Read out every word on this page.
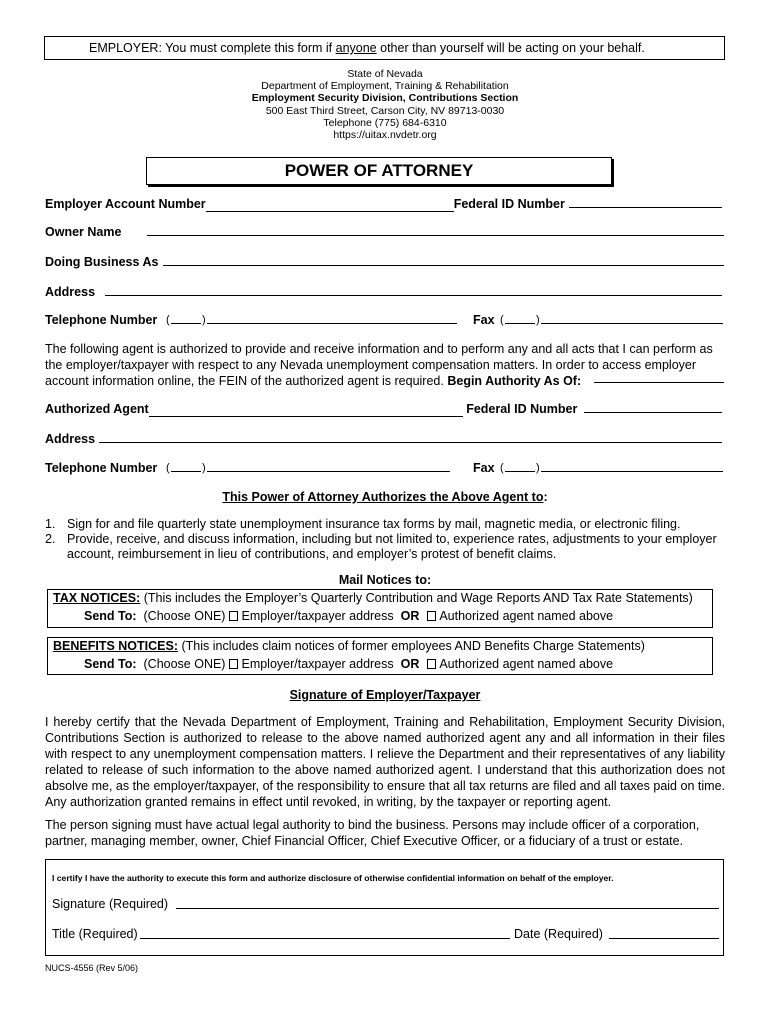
EMPLOYER: You must complete this form if anyone other than yourself will be acting on your behalf.
State of Nevada
Department of Employment, Training & Rehabilitation
Employment Security Division, Contributions Section
500 East Third Street, Carson City, NV 89713-0030
Telephone (775) 684-6310
https://uitax.nvdetr.org
POWER OF ATTORNEY
Employer Account Number	Federal ID Number
Owner Name
Doing Business As
Address
Telephone Number (	)	Fax (	)
The following agent is authorized to provide and receive information and to perform any and all acts that I can perform as the employer/taxpayer with respect to any Nevada unemployment compensation matters. In order to access employer account information online, the FEIN of the authorized agent is required. Begin Authority As Of:
Authorized Agent	Federal ID Number
Address
Telephone Number (	)	Fax (	)
This Power of Attorney Authorizes the Above Agent to:
1. Sign for and file quarterly state unemployment insurance tax forms by mail, magnetic media, or electronic filing.
2. Provide, receive, and discuss information, including but not limited to, experience rates, adjustments to your employer account, reimbursement in lieu of contributions, and employer’s protest of benefit claims.
Mail Notices to:
TAX NOTICES: (This includes the Employer’s Quarterly Contribution and Wage Reports AND Tax Rate Statements)
Send To: (Choose ONE) Employer/taxpayer address OR Authorized agent named above
BENEFITS NOTICES: (This includes claim notices of former employees AND Benefits Charge Statements)
Send To: (Choose ONE) Employer/taxpayer address OR Authorized agent named above
Signature of Employer/Taxpayer
I hereby certify that the Nevada Department of Employment, Training and Rehabilitation, Employment Security Division, Contributions Section is authorized to release to the above named authorized agent any and all information in their files with respect to any unemployment compensation matters. I relieve the Department and their representatives of any liability related to release of such information to the above named authorized agent. I understand that this authorization does not absolve me, as the employer/taxpayer, of the responsibility to ensure that all tax returns are filed and all taxes paid on time. Any authorization granted remains in effect until revoked, in writing, by the taxpayer or reporting agent.
The person signing must have actual legal authority to bind the business. Persons may include officer of a corporation, partner, managing member, owner, Chief Financial Officer, Chief Executive Officer, or a fiduciary of a trust or estate.
I certify I have the authority to execute this form and authorize disclosure of otherwise confidential information on behalf of the employer.
Signature (Required)
Title (Required)	Date (Required)
NUCS-4556 (Rev 5/06)
